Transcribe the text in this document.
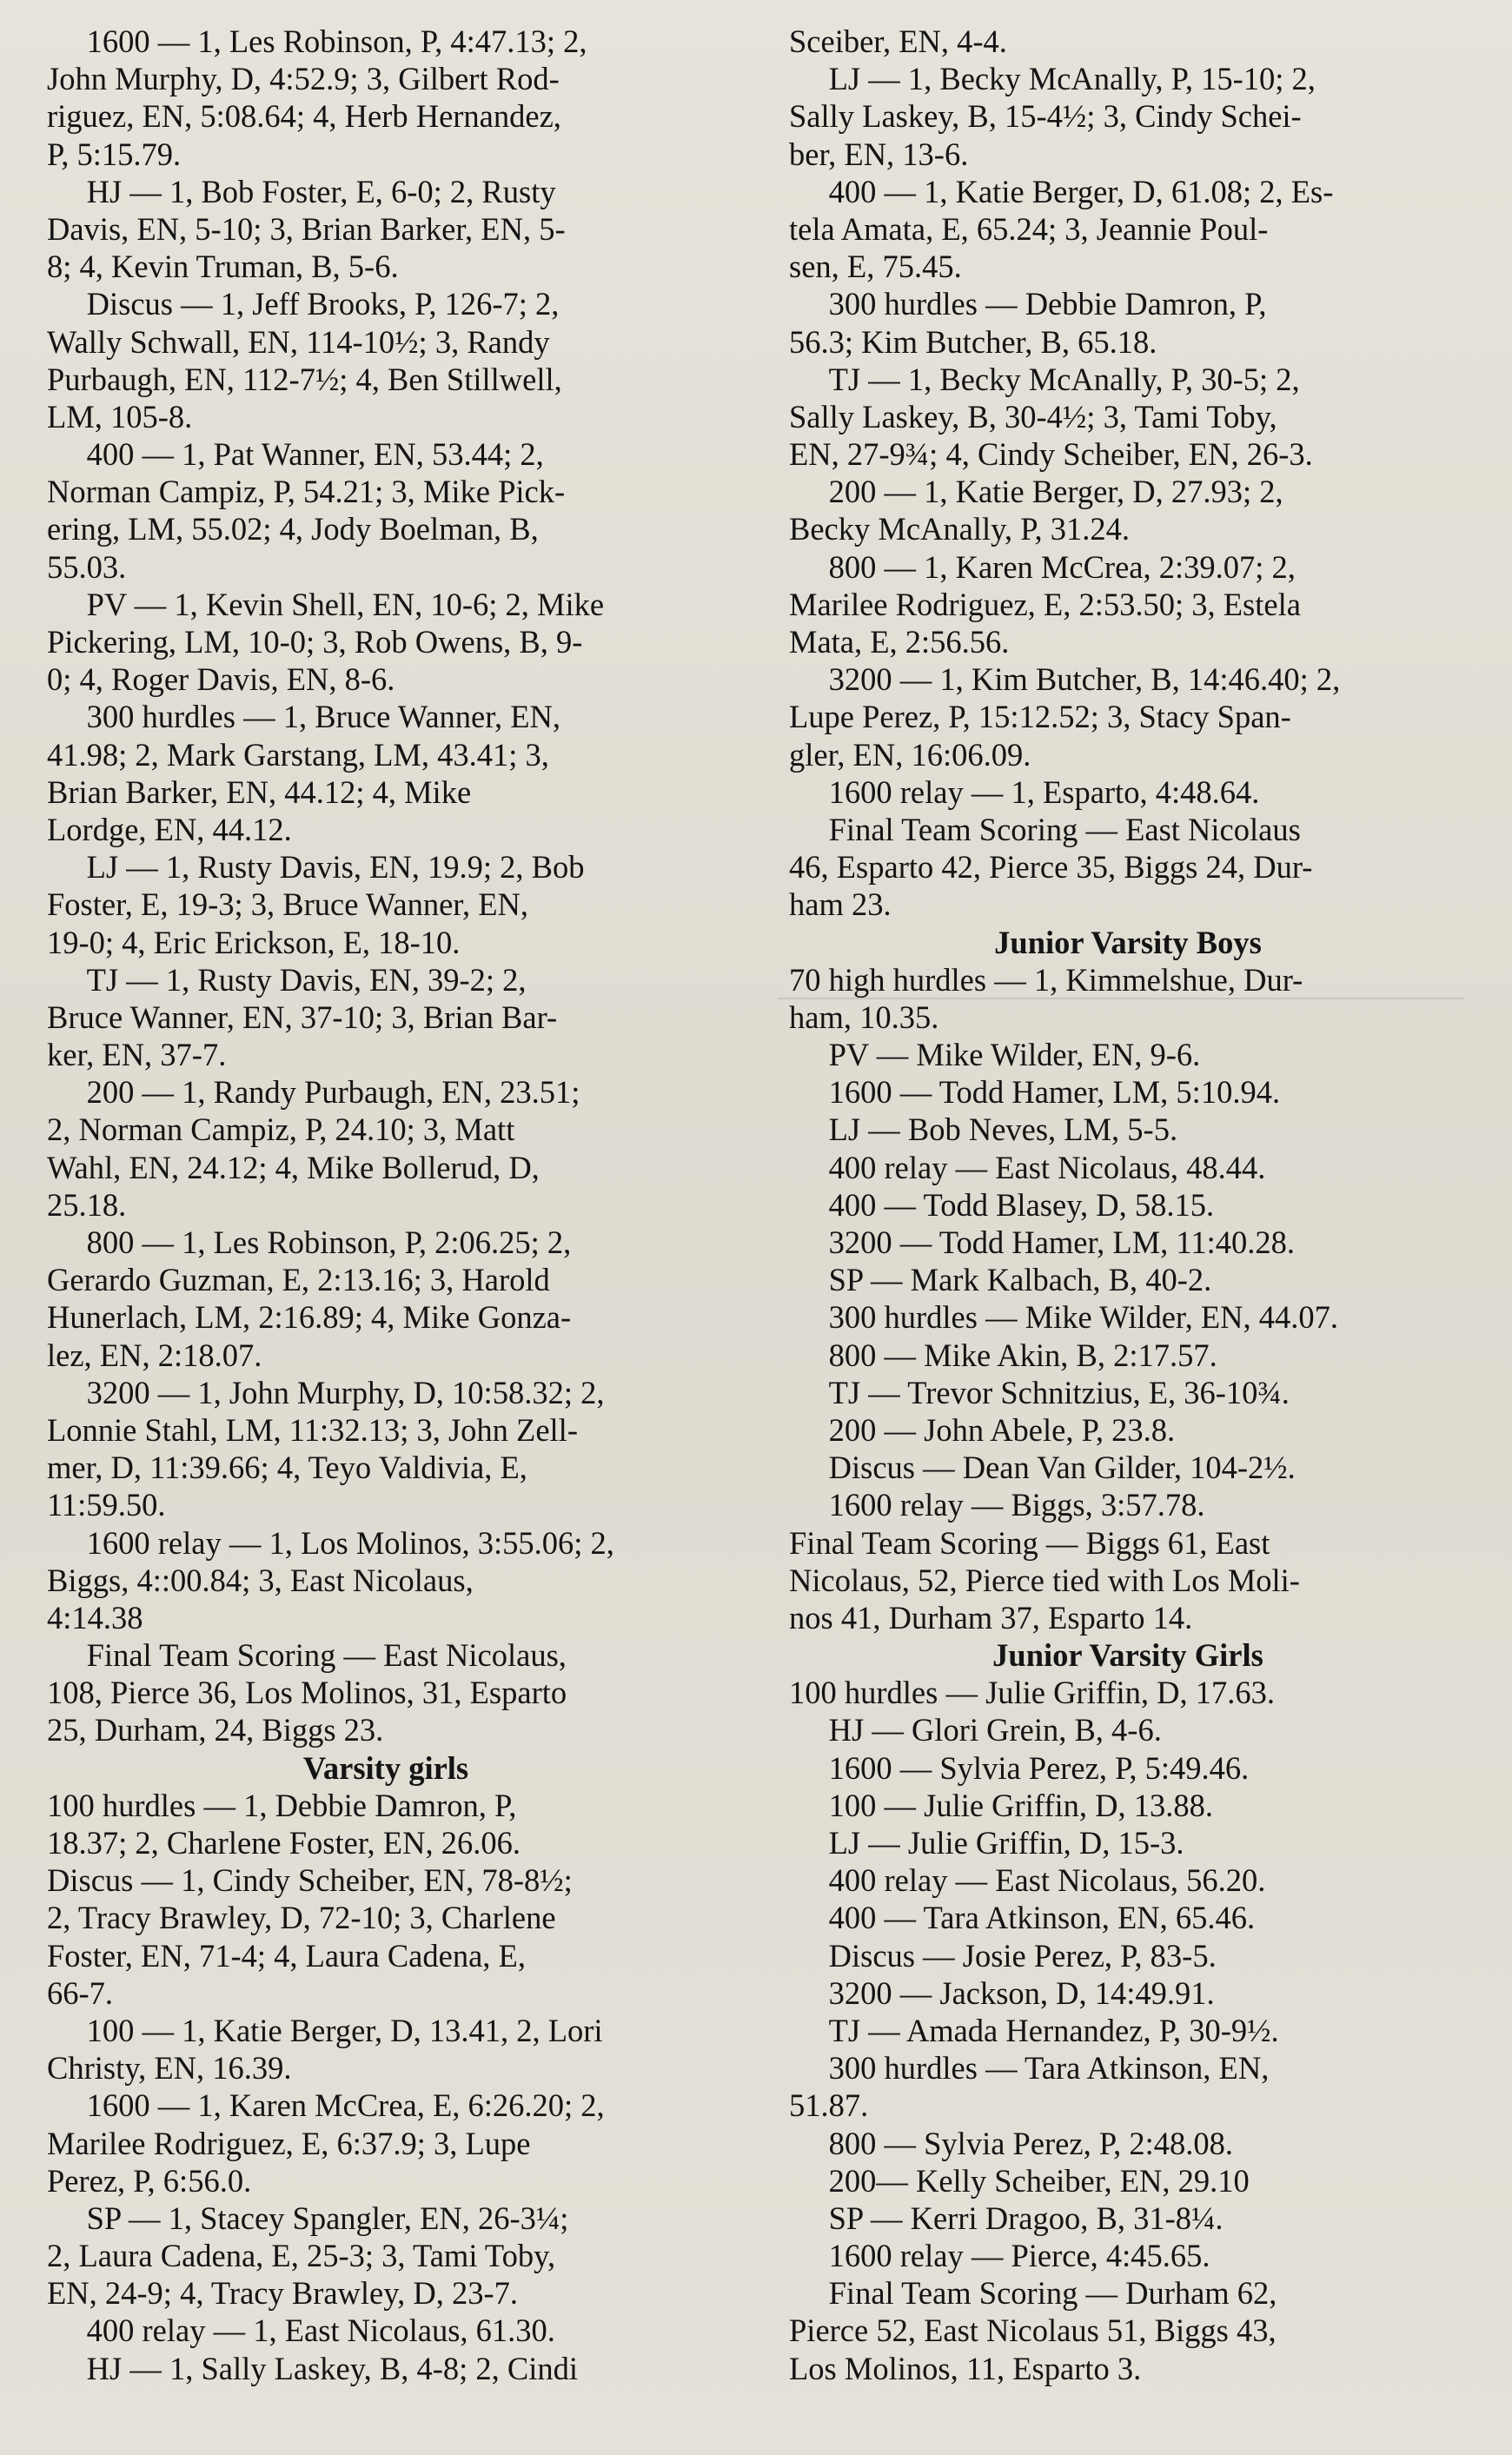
1600 — 1, Les Robinson, P, 4:47.13; 2,
John Murphy, D, 4:52.9; 3, Gilbert Rod-
riguez, EN, 5:08.64; 4, Herb Hernandez,
P, 5:15.79.
HJ — 1, Bob Foster, E, 6-0; 2, Rusty
Davis, EN, 5-10; 3, Brian Barker, EN, 5-
8; 4, Kevin Truman, B, 5-6.
Discus — 1, Jeff Brooks, P, 126-7; 2,
Wally Schwall, EN, 114-10½; 3, Randy
Purbaugh, EN, 112-7½; 4, Ben Stillwell,
LM, 105-8.
400 — 1, Pat Wanner, EN, 53.44; 2,
Norman Campiz, P, 54.21; 3, Mike Pick-
ering, LM, 55.02; 4, Jody Boelman, B,
55.03.
PV — 1, Kevin Shell, EN, 10-6; 2, Mike
Pickering, LM, 10-0; 3, Rob Owens, B, 9-
0; 4, Roger Davis, EN, 8-6.
300 hurdles — 1, Bruce Wanner, EN,
41.98; 2, Mark Garstang, LM, 43.41; 3,
Brian Barker, EN, 44.12; 4, Mike
Lordge, EN, 44.12.
LJ — 1, Rusty Davis, EN, 19.9; 2, Bob
Foster, E, 19-3; 3, Bruce Wanner, EN,
19-0; 4, Eric Erickson, E, 18-10.
TJ — 1, Rusty Davis, EN, 39-2; 2,
Bruce Wanner, EN, 37-10; 3, Brian Bar-
ker, EN, 37-7.
200 — 1, Randy Purbaugh, EN, 23.51;
2, Norman Campiz, P, 24.10; 3, Matt
Wahl, EN, 24.12; 4, Mike Bollerud, D,
25.18.
800 — 1, Les Robinson, P, 2:06.25; 2,
Gerardo Guzman, E, 2:13.16; 3, Harold
Hunerlach, LM, 2:16.89; 4, Mike Gonza-
lez, EN, 2:18.07.
3200 — 1, John Murphy, D, 10:58.32; 2,
Lonnie Stahl, LM, 11:32.13; 3, John Zell-
mer, D, 11:39.66; 4, Teyo Valdivia, E,
11:59.50.
1600 relay — 1, Los Molinos, 3:55.06; 2,
Biggs, 4::00.84; 3, East Nicolaus,
4:14.38
Final Team Scoring — East Nicolaus,
108, Pierce 36, Los Molinos, 31, Esparto
25, Durham, 24, Biggs 23.
Varsity girls
100 hurdles — 1, Debbie Damron, P,
18.37; 2, Charlene Foster, EN, 26.06.
Discus — 1, Cindy Scheiber, EN, 78-8½;
2, Tracy Brawley, D, 72-10; 3, Charlene
Foster, EN, 71-4; 4, Laura Cadena, E,
66-7.
100 — 1, Katie Berger, D, 13.41, 2, Lori
Christy, EN, 16.39.
1600 — 1, Karen McCrea, E, 6:26.20; 2,
Marilee Rodriguez, E, 6:37.9; 3, Lupe
Perez, P, 6:56.0.
SP — 1, Stacey Spangler, EN, 26-3¼;
2, Laura Cadena, E, 25-3; 3, Tami Toby,
EN, 24-9; 4, Tracy Brawley, D, 23-7.
400 relay — 1, East Nicolaus, 61.30.
HJ — 1, Sally Laskey, B, 4-8; 2, Cindi
Sceiber, EN, 4-4.
LJ — 1, Becky McAnally, P, 15-10; 2,
Sally Laskey, B, 15-4½; 3, Cindy Schei-
ber, EN, 13-6.
400 — 1, Katie Berger, D, 61.08; 2, Es-
tela Amata, E, 65.24; 3, Jeannie Poul-
sen, E, 75.45.
300 hurdles — Debbie Damron, P,
56.3; Kim Butcher, B, 65.18.
TJ — 1, Becky McAnally, P, 30-5; 2,
Sally Laskey, B, 30-4½; 3, Tami Toby,
EN, 27-9¾; 4, Cindy Scheiber, EN, 26-3.
200 — 1, Katie Berger, D, 27.93; 2,
Becky McAnally, P, 31.24.
800 — 1, Karen McCrea, 2:39.07; 2,
Marilee Rodriguez, E, 2:53.50; 3, Estela
Mata, E, 2:56.56.
3200 — 1, Kim Butcher, B, 14:46.40; 2,
Lupe Perez, P, 15:12.52; 3, Stacy Span-
gler, EN, 16:06.09.
1600 relay — 1, Esparto, 4:48.64.
Final Team Scoring — East Nicolaus
46, Esparto 42, Pierce 35, Biggs 24, Dur-
ham 23.
Junior Varsity Boys
70 high hurdles — 1, Kimmelshue, Dur-
ham, 10.35.
PV — Mike Wilder, EN, 9-6.
1600 — Todd Hamer, LM, 5:10.94.
LJ — Bob Neves, LM, 5-5.
400 relay — East Nicolaus, 48.44.
400 — Todd Blasey, D, 58.15.
3200 — Todd Hamer, LM, 11:40.28.
SP — Mark Kalbach, B, 40-2.
300 hurdles — Mike Wilder, EN, 44.07.
800 — Mike Akin, B, 2:17.57.
TJ — Trevor Schnitzius, E, 36-10¾.
200 — John Abele, P, 23.8.
Discus — Dean Van Gilder, 104-2½.
1600 relay — Biggs, 3:57.78.
Final Team Scoring — Biggs 61, East
Nicolaus, 52, Pierce tied with Los Moli-
nos 41, Durham 37, Esparto 14.
Junior Varsity Girls
100 hurdles — Julie Griffin, D, 17.63.
HJ — Glori Grein, B, 4-6.
1600 — Sylvia Perez, P, 5:49.46.
100 — Julie Griffin, D, 13.88.
LJ — Julie Griffin, D, 15-3.
400 relay — East Nicolaus, 56.20.
400 — Tara Atkinson, EN, 65.46.
Discus — Josie Perez, P, 83-5.
3200 — Jackson, D, 14:49.91.
TJ — Amada Hernandez, P, 30-9½.
300 hurdles — Tara Atkinson, EN,
51.87.
800 — Sylvia Perez, P, 2:48.08.
200— Kelly Scheiber, EN, 29.10
SP — Kerri Dragoo, B, 31-8¼.
1600 relay — Pierce, 4:45.65.
Final Team Scoring — Durham 62,
Pierce 52, East Nicolaus 51, Biggs 43,
Los Molinos, 11, Esparto 3.
